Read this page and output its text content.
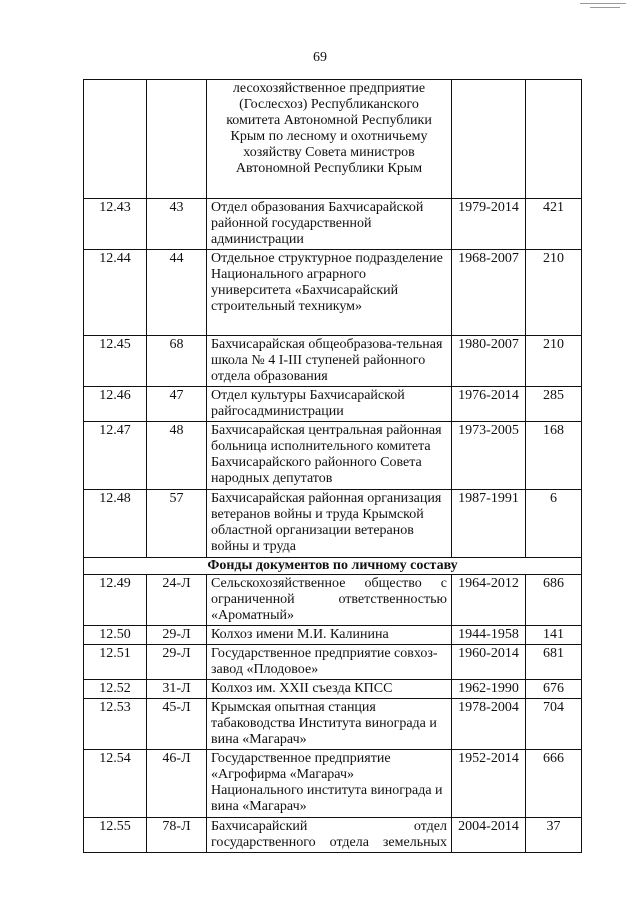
69
		лесохозяйственное предприятие (Гослесхоз) Республиканского комитета Автономной Республики Крым по лесному и охотничьему хозяйству Совета министров Автономной Республики Крым		
12.43	43	Отдел образования Бахчисарайской районной государственной администрации	1979-2014	421
12.44	44	Отдельное структурное подразделение Национального аграрного университета «Бахчисарайский строительный техникум»	1968-2007	210
12.45	68	Бахчисарайская общеобразова-тельная школа № 4 I-III ступеней районного отдела образования	1980-2007	210
12.46	47	Отдел культуры Бахчисарайской райгосадминистрации	1976-2014	285
12.47	48	Бахчисарайская центральная районная больница исполнительного комитета Бахчисарайского районного Совета народных депутатов	1973-2005	168
12.48	57	Бахчисарайская районная организация ветеранов войны и труда Крымской областной организации ветеранов войны и труда	1987-1991	6
Фонды документов по личному составу				
12.49	24-Л	Сельскохозяйственное общество с ограниченной ответственностью «Ароматный»	1964-2012	686
12.50	29-Л	Колхоз имени М.И. Калинина	1944-1958	141
12.51	29-Л	Государственное предприятие совхоз-завод «Плодовое»	1960-2014	681
12.52	31-Л	Колхоз им. XXII съезда КПСС	1962-1990	676
12.53	45-Л	Крымская опытная станция табаководства Института винограда и вина «Магарач»	1978-2004	704
12.54	46-Л	Государственное предприятие «Агрофирма «Магарач» Национального института винограда и вина «Магарач»	1952-2014	666
12.55	78-Л	Бахчисарайский отдел государственного отдела земельных	2004-2014	37
